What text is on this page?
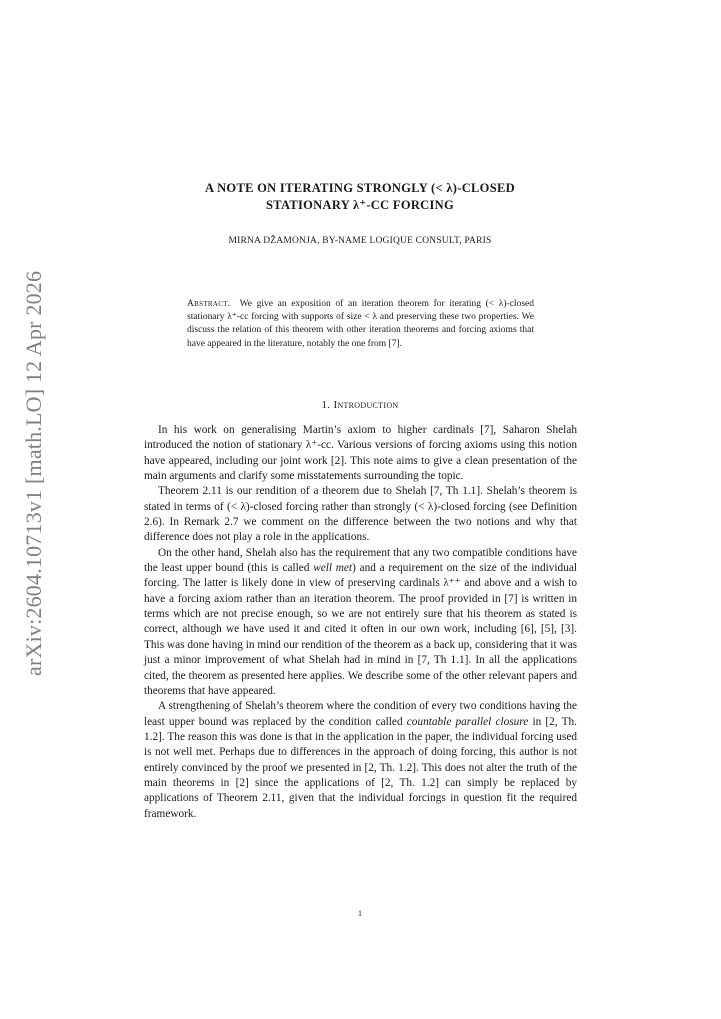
arXiv:2604.10713v1 [math.LO] 12 Apr 2026
A NOTE ON ITERATING STRONGLY (< λ)-CLOSED
STATIONARY λ⁺-CC FORCING
MIRNA DŽAMONJA, BY-NAME LOGIQUE CONSULT, PARIS
Abstract. We give an exposition of an iteration theorem for iterating (< λ)-closed stationary λ⁺-cc forcing with supports of size < λ and preserving these two properties. We discuss the relation of this theorem with other iteration theorems and forcing axioms that have appeared in the literature, notably the one from [7].
1. Introduction

In his work on generalising Martin’s axiom to higher cardinals [7], Saharon Shelah introduced the notion of stationary λ⁺-cc. Various versions of forcing axioms using this notion have appeared, including our joint work [2]. This note aims to give a clean presentation of the main arguments and clarify some misstatements surrounding the topic.

Theorem 2.11 is our rendition of a theorem due to Shelah [7, Th 1.1]. Shelah’s theorem is stated in terms of (< λ)-closed forcing rather than strongly (< λ)-closed forcing (see Definition 2.6). In Remark 2.7 we comment on the difference between the two notions and why that difference does not play a role in the applications.

On the other hand, Shelah also has the requirement that any two compatible conditions have the least upper bound (this is called well met) and a requirement on the size of the individual forcing. The latter is likely done in view of preserving cardinals λ⁺⁺ and above and a wish to have a forcing axiom rather than an iteration theorem. The proof provided in [7] is written in terms which are not precise enough, so we are not entirely sure that his theorem as stated is correct, although we have used it and cited it often in our own work, including [6], [5], [3]. This was done having in mind our rendition of the theorem as a back up, considering that it was just a minor improvement of what Shelah had in mind in [7, Th 1.1]. In all the applications cited, the theorem as presented here applies. We describe some of the other relevant papers and theorems that have appeared.

A strengthening of Shelah’s theorem where the condition of every two conditions having the least upper bound was replaced by the condition called countable parallel closure in [2, Th. 1.2]. The reason this was done is that in the application in the paper, the individual forcing used is not well met. Perhaps due to differences in the approach of doing forcing, this author is not entirely convinced by the proof we presented in [2, Th. 1.2]. This does not alter the truth of the main theorems in [2] since the applications of [2, Th. 1.2] can simply be replaced by applications of Theorem 2.11, given that the individual forcings in question fit the required framework.

1
